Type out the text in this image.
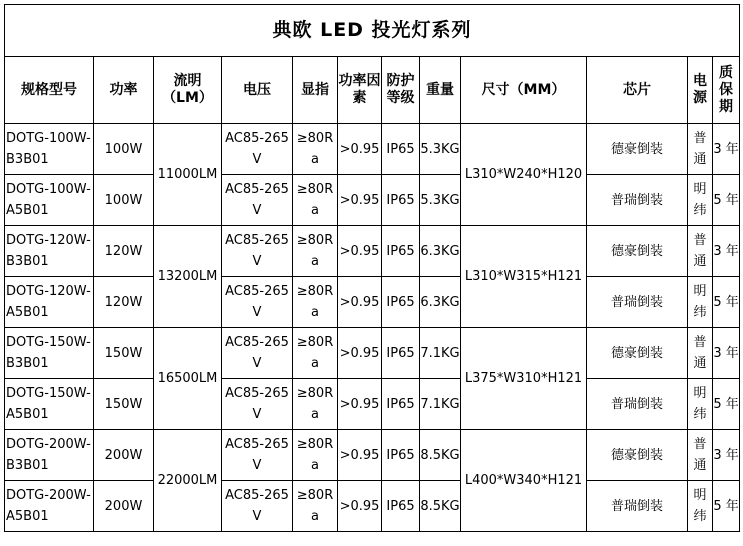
典欧 LED 投光灯系列											
规格型号	功率	流明（LM）	电压	显指	功率因素	防护等级	重量	尺寸（MM）	芯片	电源	质保期
DOTG-100W-B3B01	100W	11000LM	AC85-265V	≥80Ra	>0.95	IP65	5.3KG	L310*W240*H120	德豪倒装	普通	3 年
DOTG-100W-A5B01	100W		AC85-265V	≥80Ra	>0.95	IP65	5.3KG		普瑞倒装	明纬	5 年
DOTG-120W-B3B01	120W	13200LM	AC85-265V	≥80Ra	>0.95	IP65	6.3KG	L310*W315*H121	德豪倒装	普通	3 年
DOTG-120W-A5B01	120W		AC85-265V	≥80Ra	>0.95	IP65	6.3KG		普瑞倒装	明纬	5 年
DOTG-150W-B3B01	150W	16500LM	AC85-265V	≥80Ra	>0.95	IP65	7.1KG	L375*W310*H121	德豪倒装	普通	3 年
DOTG-150W-A5B01	150W		AC85-265V	≥80Ra	>0.95	IP65	7.1KG		普瑞倒装	明纬	5 年
DOTG-200W-B3B01	200W	22000LM	AC85-265V	≥80Ra	>0.95	IP65	8.5KG	L400*W340*H121	德豪倒装	普通	3 年
DOTG-200W-A5B01	200W		AC85-265V	≥80Ra	>0.95	IP65	8.5KG		普瑞倒装	明纬	5 年
